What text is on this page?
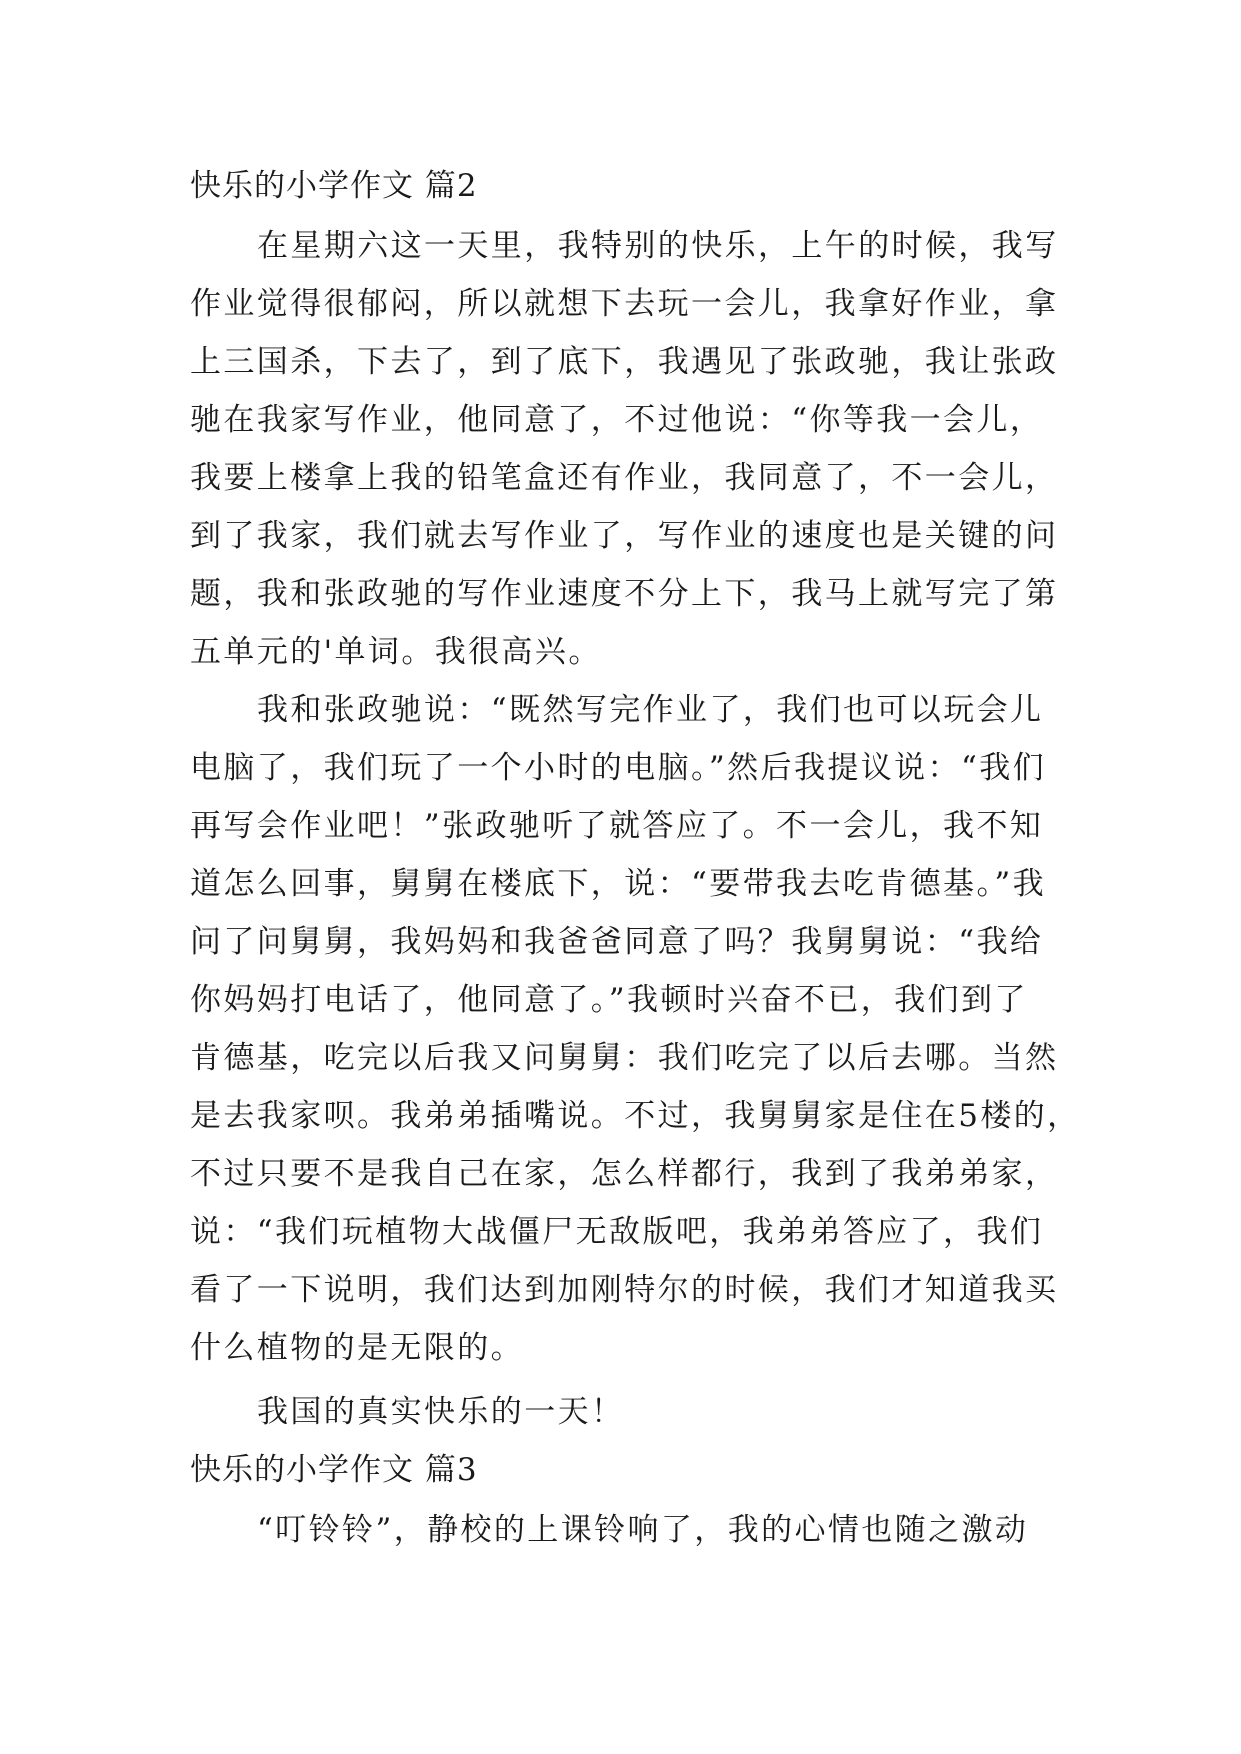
快乐的小学作文 篇2
在星期六这一天里，我特别的快乐，上午的时候，我写
作业觉得很郁闷，所以就想下去玩一会儿，我拿好作业，拿
上三国杀，下去了，到了底下，我遇见了张政驰，我让张政
驰在我家写作业，他同意了，不过他说：“你等我一会儿，
我要上楼拿上我的铅笔盒还有作业，我同意了，不一会儿，
到了我家，我们就去写作业了，写作业的速度也是关键的问
题，我和张政驰的写作业速度不分上下，我马上就写完了第
五单元的'单词。我很高兴。
我和张政驰说：“既然写完作业了，我们也可以玩会儿
电脑了，我们玩了一个小时的电脑。”然后我提议说：“我们
再写会作业吧！”张政驰听了就答应了。不一会儿，我不知
道怎么回事，舅舅在楼底下，说：“要带我去吃肯德基。”我
问了问舅舅，我妈妈和我爸爸同意了吗？我舅舅说：“我给
你妈妈打电话了，他同意了。”我顿时兴奋不已，我们到了
肯德基，吃完以后我又问舅舅：我们吃完了以后去哪。当然
是去我家呗。我弟弟插嘴说。不过，我舅舅家是住在5楼的，
不过只要不是我自己在家，怎么样都行，我到了我弟弟家，
说：“我们玩植物大战僵尸无敌版吧，我弟弟答应了，我们
看了一下说明，我们达到加刚特尔的时候，我们才知道我买
什么植物的是无限的。
我国的真实快乐的一天！
快乐的小学作文 篇3
“叮铃铃”，静校的上课铃响了，我的心情也随之激动
